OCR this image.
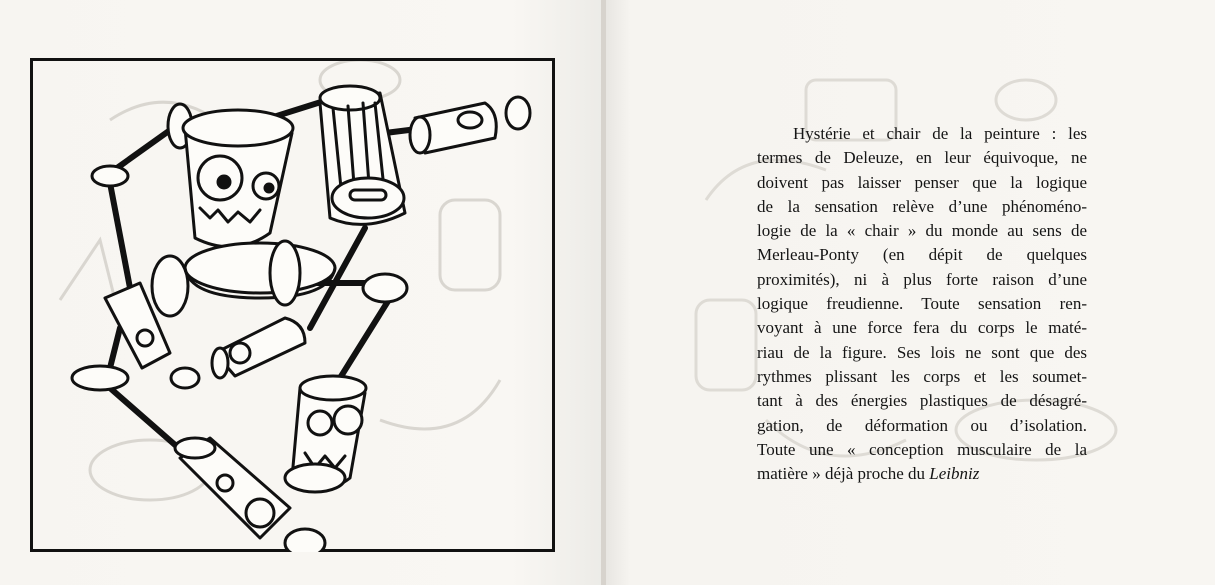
Hystérie et chair de la peinture : les
termes de Deleuze, en leur équivoque, ne
doivent pas laisser penser que la logique
de la sensation relève d’une phénoméno-
logie de la « chair » du monde au sens de
Merleau-Ponty (en dépit de quelques
proximités), ni à plus forte raison d’une
logique freudienne. Toute sensation ren-
voyant à une force fera du corps le maté-
riau de la figure. Ses lois ne sont que des
rythmes plissant les corps et les soumet-
tant à des énergies plastiques de désagré-
gation, de déformation ou d’isolation.
Toute une « conception musculaire de la
matière » déjà proche du Leibniz
